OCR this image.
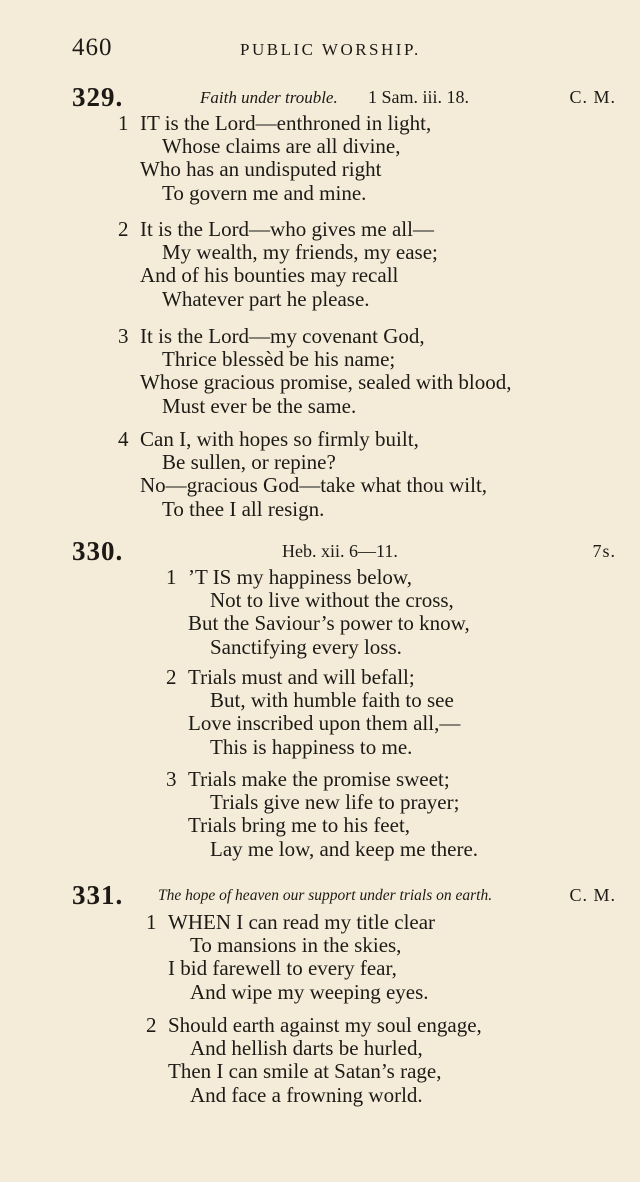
460	PUBLIC WORSHIP.
329.	Faith under trouble. 1 Sam. iii. 18.	C. M.
1 IT is the Lord—enthroned in light,
Whose claims are all divine,
Who has an undisputed right
To govern me and mine.
2 It is the Lord—who gives me all—
My wealth, my friends, my ease;
And of his bounties may recall
Whatever part he please.
3 It is the Lord—my covenant God,
Thrice blessèd be his name;
Whose gracious promise, sealed with blood,
Must ever be the same.
4 Can I, with hopes so firmly built,
Be sullen, or repine?
No—gracious God—take what thou wilt,
To thee I all resign.
330.	Heb. xii. 6—11.	7s.
1 ’T IS my happiness below,
Not to live without the cross,
But the Saviour’s power to know,
Sanctifying every loss.
2 Trials must and will befall;
But, with humble faith to see
Love inscribed upon them all,—
This is happiness to me.
3 Trials make the promise sweet;
Trials give new life to prayer;
Trials bring me to his feet,
Lay me low, and keep me there.
331. The hope of heaven our support under trials on earth.	C. M.
1 WHEN I can read my title clear
To mansions in the skies,
I bid farewell to every fear,
And wipe my weeping eyes.
2 Should earth against my soul engage,
And hellish darts be hurled,
Then I can smile at Satan’s rage,
And face a frowning world.
